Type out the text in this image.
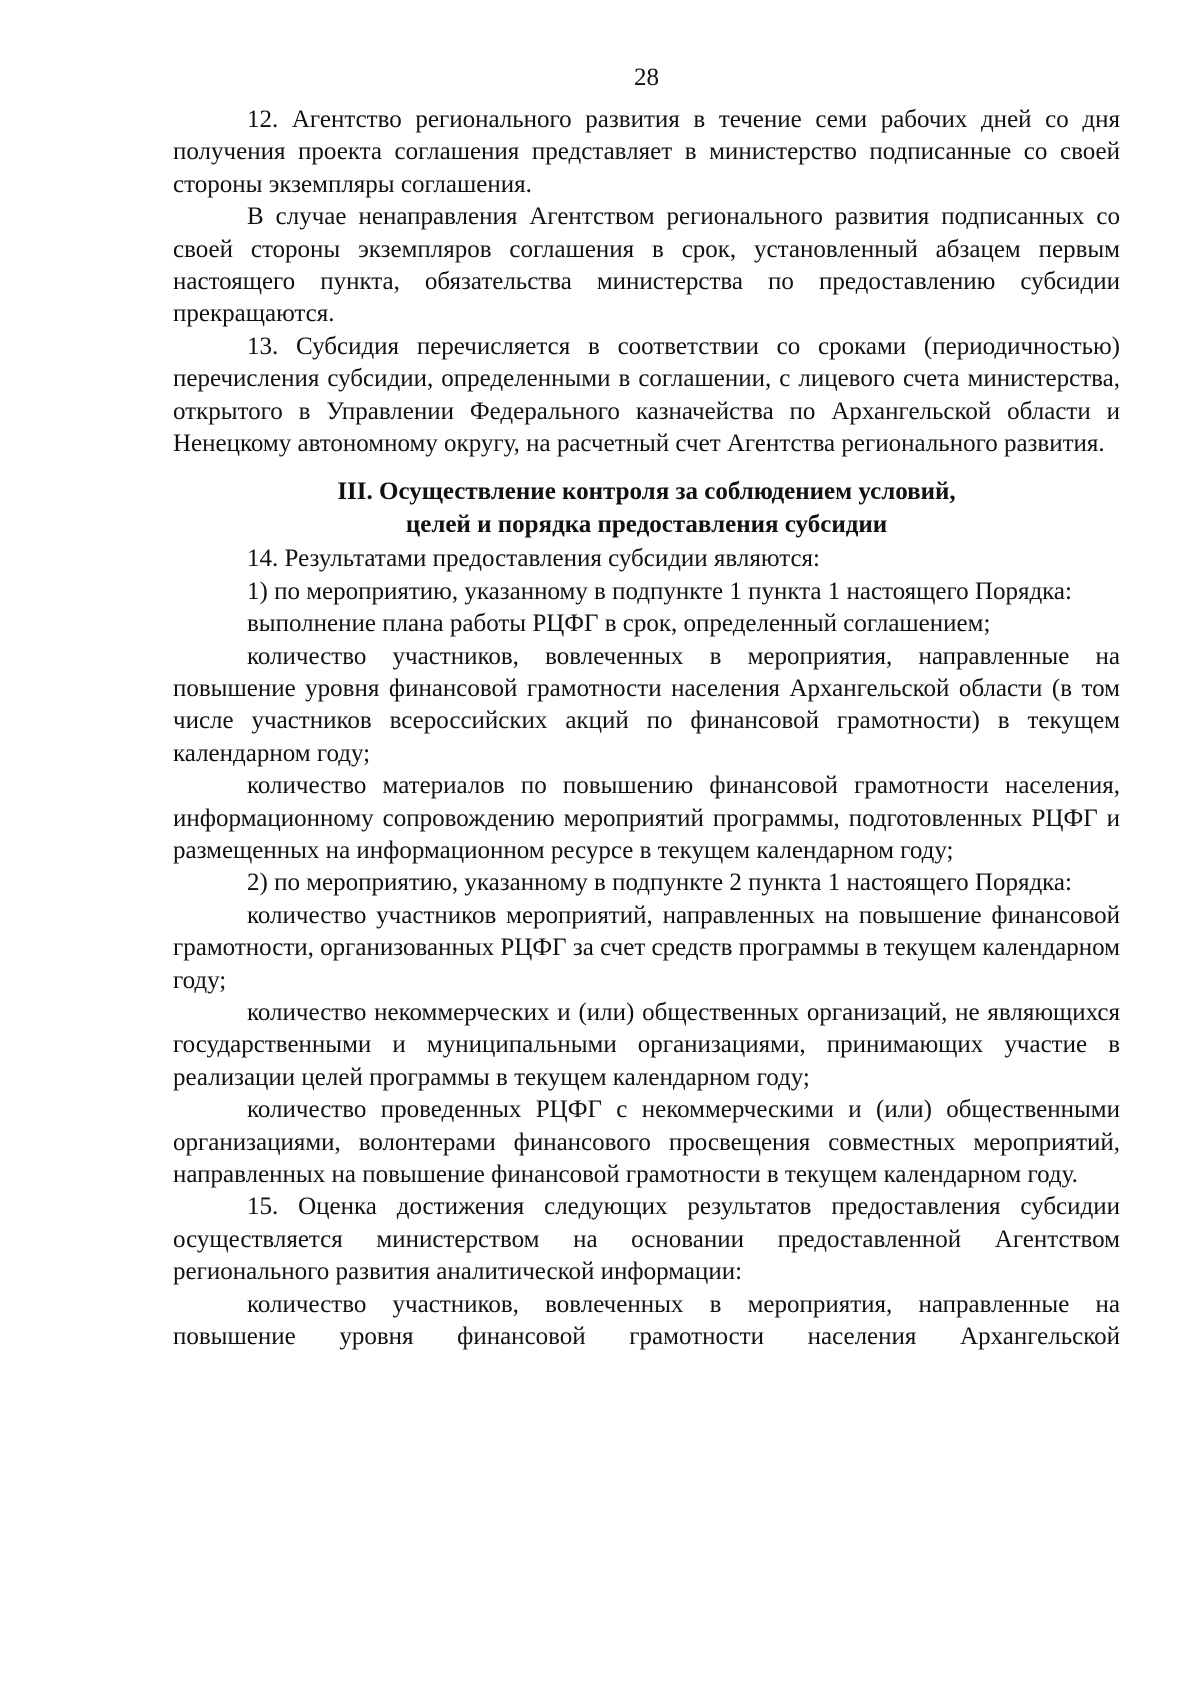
28

12. Агентство регионального развития в течение семи рабочих дней со дня получения проекта соглашения представляет в министерство подписанные со своей стороны экземпляры соглашения.

В случае ненаправления Агентством регионального развития подписанных со своей стороны экземпляров соглашения в срок, установленный абзацем первым настоящего пункта, обязательства министерства по предоставлению субсидии прекращаются.

13. Субсидия перечисляется в соответствии со сроками (периодичностью) перечисления субсидии, определенными в соглашении, с лицевого счета министерства, открытого в Управлении Федерального казначейства по Архангельской области и Ненецкому автономному округу, на расчетный счет Агентства регионального развития.

III. Осуществление контроля за соблюдением условий,
целей и порядка предоставления субсидии

14. Результатами предоставления субсидии являются:

1) по мероприятию, указанному в подпункте 1 пункта 1 настоящего Порядка:

выполнение плана работы РЦФГ в срок, определенный соглашением;

количество участников, вовлеченных в мероприятия, направленные на повышение уровня финансовой грамотности населения Архангельской области (в том числе участников всероссийских акций по финансовой грамотности) в текущем календарном году;

количество материалов по повышению финансовой грамотности населения, информационному сопровождению мероприятий программы, подготовленных РЦФГ и размещенных на информационном ресурсе в текущем календарном году;

2) по мероприятию, указанному в подпункте 2 пункта 1 настоящего Порядка:

количество участников мероприятий, направленных на повышение финансовой грамотности, организованных РЦФГ за счет средств программы в текущем календарном году;

количество некоммерческих и (или) общественных организаций, не являющихся государственными и муниципальными организациями, принимающих участие в реализации целей программы в текущем календарном году;

количество проведенных РЦФГ с некоммерческими и (или) общественными организациями, волонтерами финансового просвещения совместных мероприятий, направленных на повышение финансовой грамотности в текущем календарном году.

15. Оценка достижения следующих результатов предоставления субсидии осуществляется министерством на основании предоставленной Агентством регионального развития аналитической информации:

количество участников, вовлеченных в мероприятия, направленные на повышение уровня финансовой грамотности населения Архангельской
